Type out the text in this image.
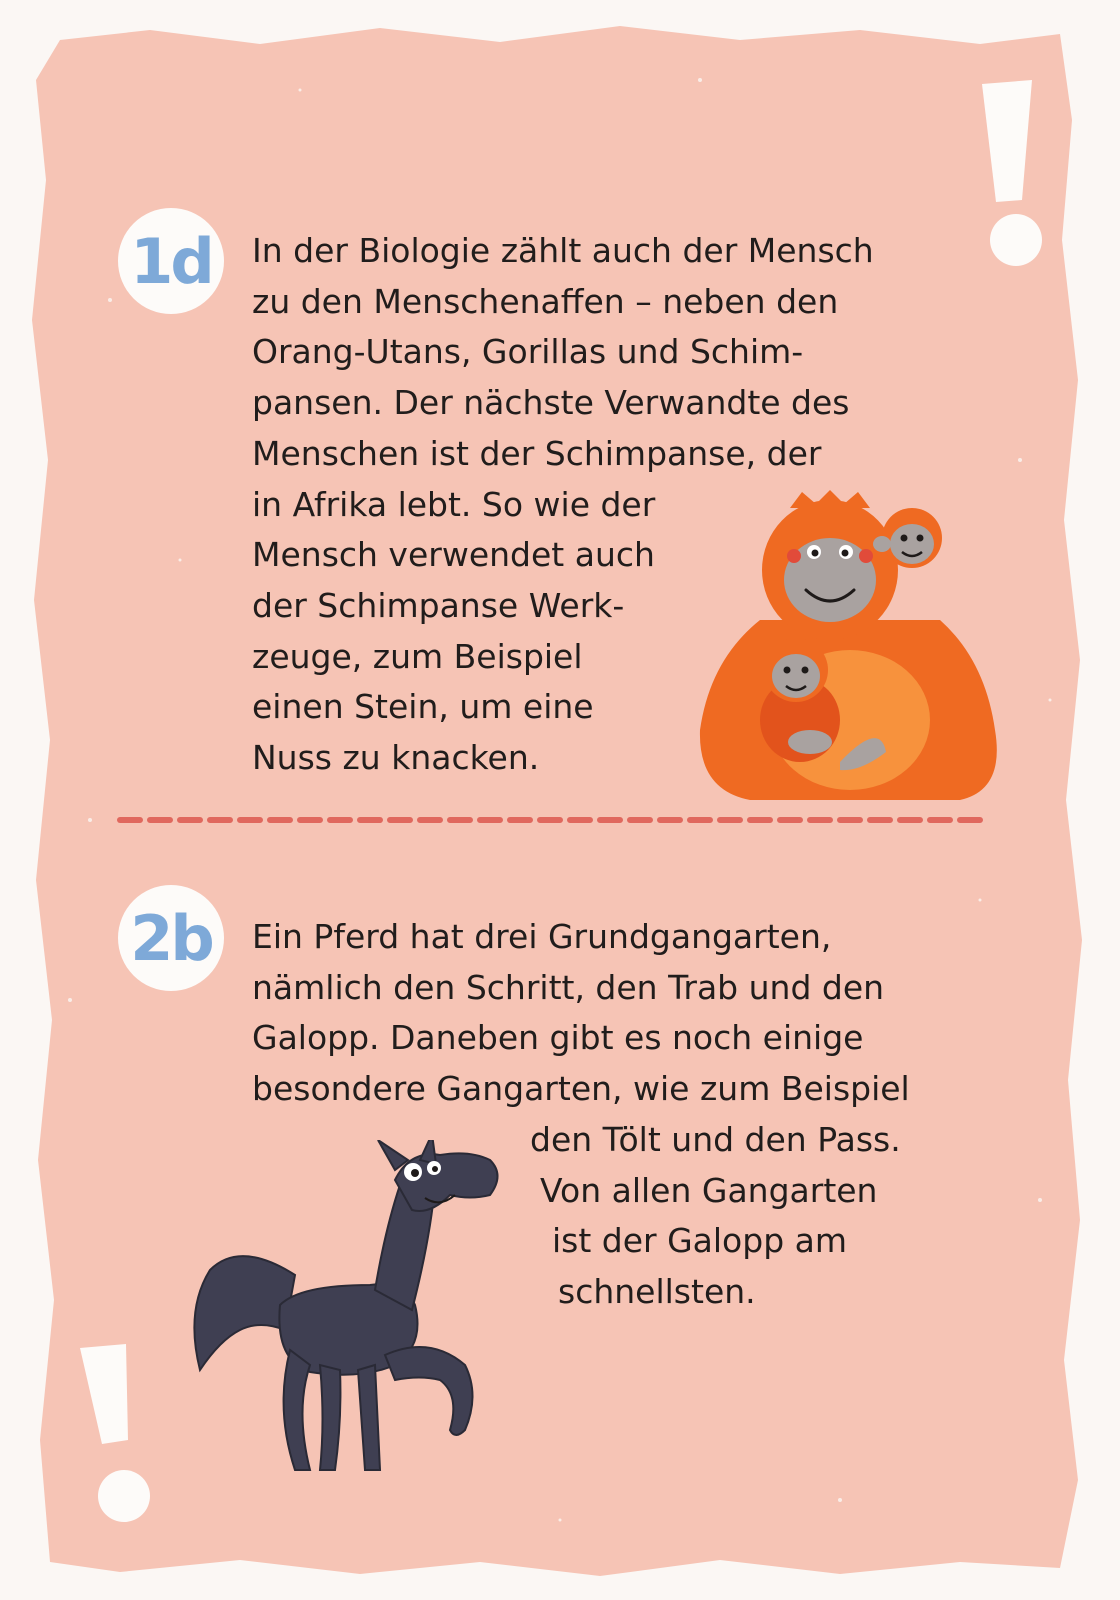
1d In der Biologie zählt auch der Mensch
zu den Menschenaffen – neben den
Orang-Utans, Gorillas und Schim-
pansen. Der nächste Verwandte des
Menschen ist der Schimpanse, der
in Afrika lebt. So wie der
Mensch verwendet auch
der Schimpanse Werk-
zeuge, zum Beispiel
einen Stein, um eine
Nuss zu knacken.

2b Ein Pferd hat drei Grundgangarten,
nämlich den Schritt, den Trab und den
Galopp. Daneben gibt es noch einige
besondere Gangarten, wie zum Beispiel

den Tölt und den Pass.
Von allen Gangarten
ist der Galopp am
schnellsten.
